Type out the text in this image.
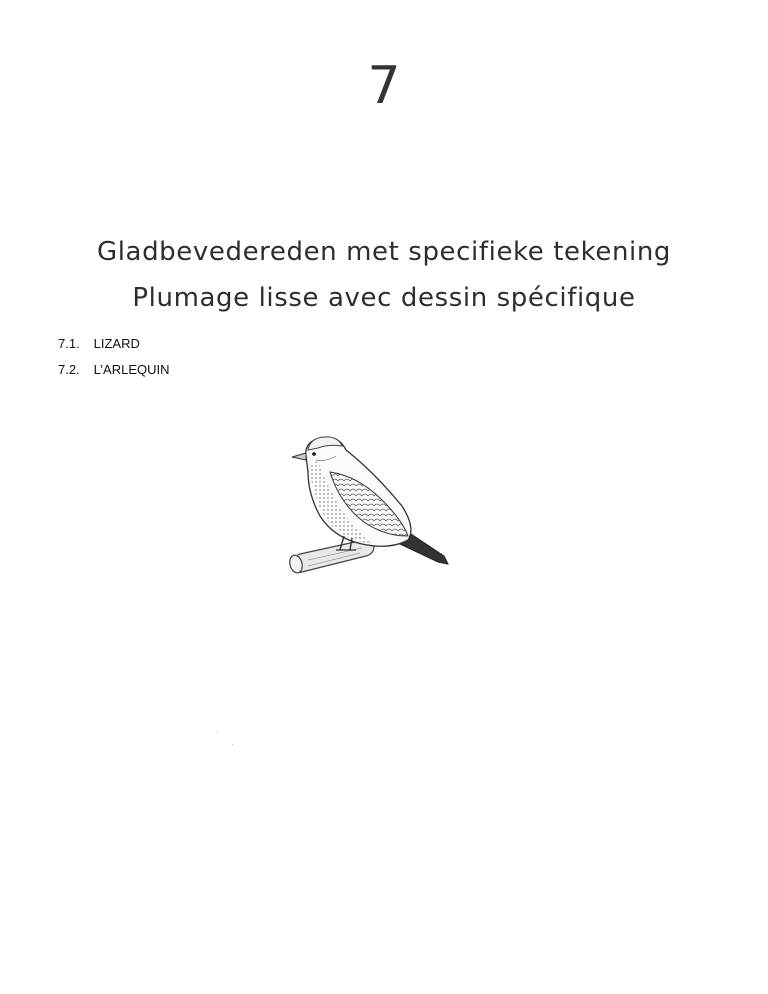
7
Gladbevedereden met specifieke tekening
Plumage lisse avec dessin spécifique
7.1. LIZARD
7.2. L’ARLEQUIN
